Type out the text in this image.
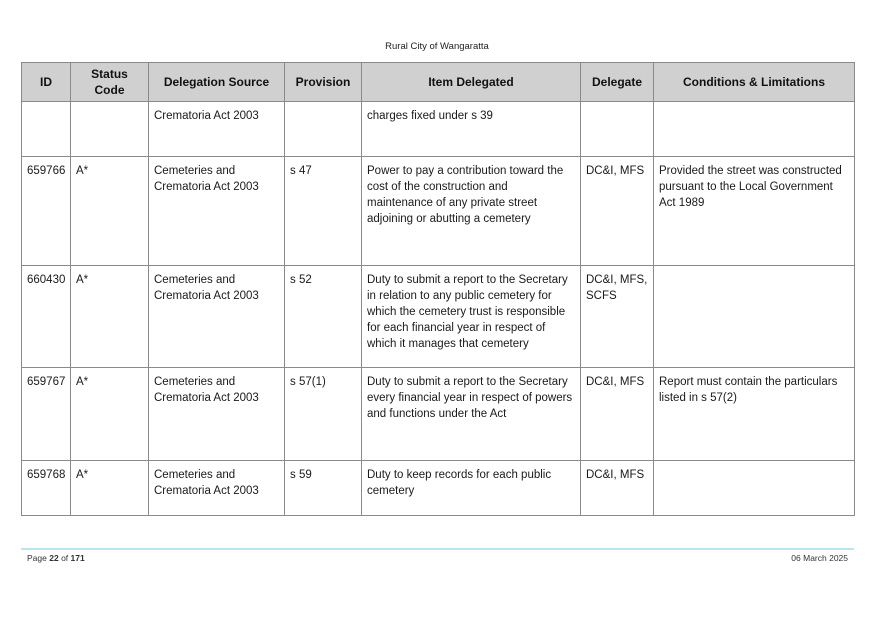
Rural City of Wangaratta
ID	Status Code	Delegation Source	Provision	Item Delegated	Delegate	Conditions & Limitations
		Crematoria Act 2003		charges fixed under s 39		
659766	A*	Cemeteries and Crematoria Act 2003	s 47	Power to pay a contribution toward the cost of the construction and maintenance of any private street adjoining or abutting a cemetery	DC&I, MFS	Provided the street was constructed pursuant to the Local Government Act 1989
660430	A*	Cemeteries and Crematoria Act 2003	s 52	Duty to submit a report to the Secretary in relation to any public cemetery for which the cemetery trust is responsible for each financial year in respect of which it manages that cemetery	DC&I, MFS, SCFS	
659767	A*	Cemeteries and Crematoria Act 2003	s 57(1)	Duty to submit a report to the Secretary every financial year in respect of powers and functions under the Act	DC&I, MFS	Report must contain the particulars listed in s 57(2)
659768	A*	Cemeteries and Crematoria Act 2003	s 59	Duty to keep records for each public cemetery	DC&I, MFS	
Page 22 of 171	06 March 2025
